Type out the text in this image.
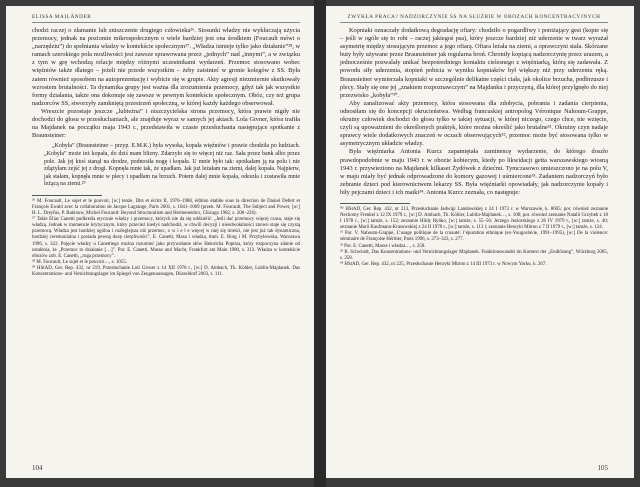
ELISSA MAILÄNDER

chodzi raczej o złamanie lub zniszczenie drugiego człowieka²⁶. Stosunki władzy nie wykluczają użycia przemocy, jednak na poziomie mikrospołecznym o wiele bardziej jest ona środkiem (Foucault mówi o „narzędziu”) do spełniania władzy w kontekście społecznym²⁷. „Władza istnieje tylko jako działanie”²⁸, w ramach szerokiego pola możliwości jest zawsze sprawowana przez „jednych” nad „innymi”, a w związku z tym w grę wchodzą relacje między różnymi uczestnikami wydarzeń. Przemoc stosowano wobec więźniów także dlatego – jeżeli nie przede wszystkim – żeby zaistnieć w gronie kolegów z SS. Była zatem również sposobem na autoprezentację i wybicie się w grupie. Akty agresji niezmiernie skutkowały wzrostem brutalności. Ta dynamika grupy jest ważna dla zrozumienia przemocy, gdyż tak jak wszystkie formy działania, także ona dokonuje się zawsze w pewnym kontekście społecznym. Obóz, czy też grupa nadzorców SS, stworzyły zamkniętą przestrzeń społeczną, w której każdy każdego obserwował.

Wreszcie pozostaje jeszcze „lubieżna” i niszczycielska strona przemocy, która prawie nigdy nie dochodzi do głosu w przesłuchaniach, ale znajduje wyraz w samych jej aktach. Lola Givner, która trafiła na Majdanek na początku maja 1943 r., przedstawiła w czasie przesłuchania następujące spotkanie z Braunsteiner:

„Kobyła” (Braunsteiner – przyp. E.M.K.) była wysoka, kopała więźniów i prawie chodziła po ludziach. „Kobyła” może też kopała, do dziś mam blizny. Zdarzyło się to więcej niż raz. Sała przez bank albo przez pole. Jak jej ktoś stanął na drodze, podnosiła nogę i kopała. U mnie było tak: spotkałam ją na polu i nie zdążyłam zejść jej z drogi. Kopnęła mnie tak, że upadłam. Jak już leżałam na ziemi, dalej kopała. Najpierw, jak stałam, kopnęła mnie w plecy i upadłam na brzuch. Potem dalej mnie kopała, odeszła i zostawiła mnie leżącą na ziemi.²⁹

²⁶ M. Foucault, Le sujet et le pouvoir, [w:] tenże, Dits et écrits II, 1976–1988, édition établie sous la direction de Daniel Defert et François Ewald avec la collaboration de Jacque Lagrange, Paris 2001, s. 1041–1069 (przek. M. Foucault, The Subject and Power, [w:] H. L. Dreyfus, P. Rabinow, Michel Foucault: Beyond Structuralism and Hermeneutics, Chicago 1982, s. 208–226).

²⁷ Takie Elias Canetti podkreśla etycznie władzy i przemocy, których nie da się oddzielić: „Jeśli dać przemocy więcej czasu, staje się władzą. Jednak w momencie krytycznym, który przecież kiedyś nadchodzi, w chwili decyzji i nieodwołalności znowu staje się czystą przemocą. Władza jest bardziej ogólna i rozleglejsza niż przemoc, o w i e l e więcej w niej się mieści, nie jest już tak dynamiczna, bardziej ceremonialna i posiada pewną dozę cierpliwości”, E. Canetti, Masa i władza, tłum. E. Borg i M. Przybyłowska, Warszawa 1996, s. 322. Pojęcie władzy u Canettiego można rozumieć jako przywołanie słów Heinricha Popitza, który rozpoczyna zdanie od ustalenia, że „Przemoc to działanie […]”. Por. E. Canetti, Masse und Macht, Frankfurt am Main 1980, s. 313. Władza w kontekście obozów zob. E. Canetti, „ruga przemocy”.

²⁸ M. Foucault, Le sujet et le pouvoir…, s. 1055.

²⁹ HStAD, Ger. Rep. 432, nr 219, Przesłuchanie Loli Givner z 14 XII 1978 r., [w:] D. Ambach, Th. Köhler, Lublin-Majdanek. Das Konzentrations- und Vernichtungslager im Spiegel von Zeugenaussagen, Düsseldorf 2003, s. 111.

104
ZWYKŁA PRACA? NADZORCZYNIE SS NA SŁUŻBIE W OBOZACH KONCENTRACYJNYCH

Kopniaki oznaczały dodatkową degradację ofiary: chodziło o pogardliwy i poniżający gest (kopie się – jeśli w ogóle się to robi – raczej jakiegoś psa), który jeszcze bardziej niż uderzenie w twarz wyrażał asymetrię między stosującym przemoc a jego ofiarą. Ofiara leżała na ziemi, a oprawczyni stała. Skórzane buty były używane przez Braunsteiner jak regularna broń. Chroniły kopiącą nadzorczynię przez urazem, a jednocześnie pozwalały unikać bezpośredniego kontaktu cielesnego z więźniarką, którą się zadawała. Z powodu siły uderzenia, stopień pobicia w wyniku kopniaków był większy niż przy uderzeniu ręką. Braunsteiner wymierzała kopniaki w szczególnie delikatne części ciała, jak okolice brzucha, podbrzusze i plecy. Stały się one jej „znakiem rozpoznawczym” na Majdanku i przyczyną, dla której przylgnęło do niej przezwisko „kobyła”³⁰.

Aby zanalizować akty przemocy, która stosowana dla zdobycia, pobrania i zadania cierpienia, odnosiłam się do koncepcji okrucieństwa. Według francuskiej antropolog Véronique Nahoum-Grappe, okrutny człowiek dochodzi do głosu tylko w takiej sytuacji, w której niczego, czego chce, nie wzięcie, czyli są upoważnieni do określonych praktyk, które można określić jako brutalne³¹. Okrutny czyn nadaje sprawcy wiele dodatkowych znaczeń w oczach obserwujących³², przemoc może być stosowana tylko w asymetrycznym układzie władzy.

Była więźniarka Antonia Kurcz zapamiętała zaminencę wydarzenie, do którego doszło prawdopodobnie w maju 1943 r. w obozie kobiecym, kiedy po likwidacji getta warszawskiego wiosną 1943 r. przywieziono na Majdanek kilkaset Żydówek z dziećmi. Tymczasowo umieszczono je na polu V, w maju miały być jednak odprowadzone do komory gazowej i uśmiercone³³. Zadaniem nadzorczyń było zebranie dzieci pod kierownictwem lekarzy SS. Była więźniarki opowiadały, jak nadzorczynie kopały i biły pejczami dzieci i ich matki³⁴. Antonia Kurcz zeznała, co następuje:

³⁰ HStAD, Ger. Rep. 432, nr 213, Przesłuchanie Jadwigi Landowskiej z 24 I 1973 r. w Warszawie, k. 8605; por. również zeznanie Nechomy Frenkel z 12 IX 1979 r., [w:] D. Ambach, Th. Köhler, Lublin-Majdanek…, s. 108; por. również zeznanie Natalii Grzybek z 18 I 1978 r., [w:] tamże, s. 152; zeznanie Hildy Ryńko, [w:] tamże, s. 55–56; Jerzego Jeziorskiego z 26 IV 1979 r., [w:] tamże, s. 40; zeznanie Marii Kaufmann-Krasowskiej z 24 II 1978 r., [w:] tamże, s. 113 i; zeznanie Henryki Mitron z 7 II 1979 r., [w:] tamże, s. 124.

³¹ Por. V. Nahoum-Grappe, L’usage politique de la cruauté: l’épuration ethnique (ex-Yougoslavie, 1991–1995), [w:] De la violence: séminaire de Françoise Héritier, Paris 1996, s. 273–323, s. 277.

³² Por. E. Canetti, Masse i władza…, s. 258.

³³ B. Schwindt, Das Konzentrations- und Vernichtungslager Majdanek. Funktionswandel im Kontext der „Endlösung”, Würzburg 2005, s. 258.

³⁴ HStAD, Ger. Rep. 432, nr 225, Przesłuchanie Henryki Mitron z 14 III 1973 r. w Nowym Yorku, k. 267.

105
